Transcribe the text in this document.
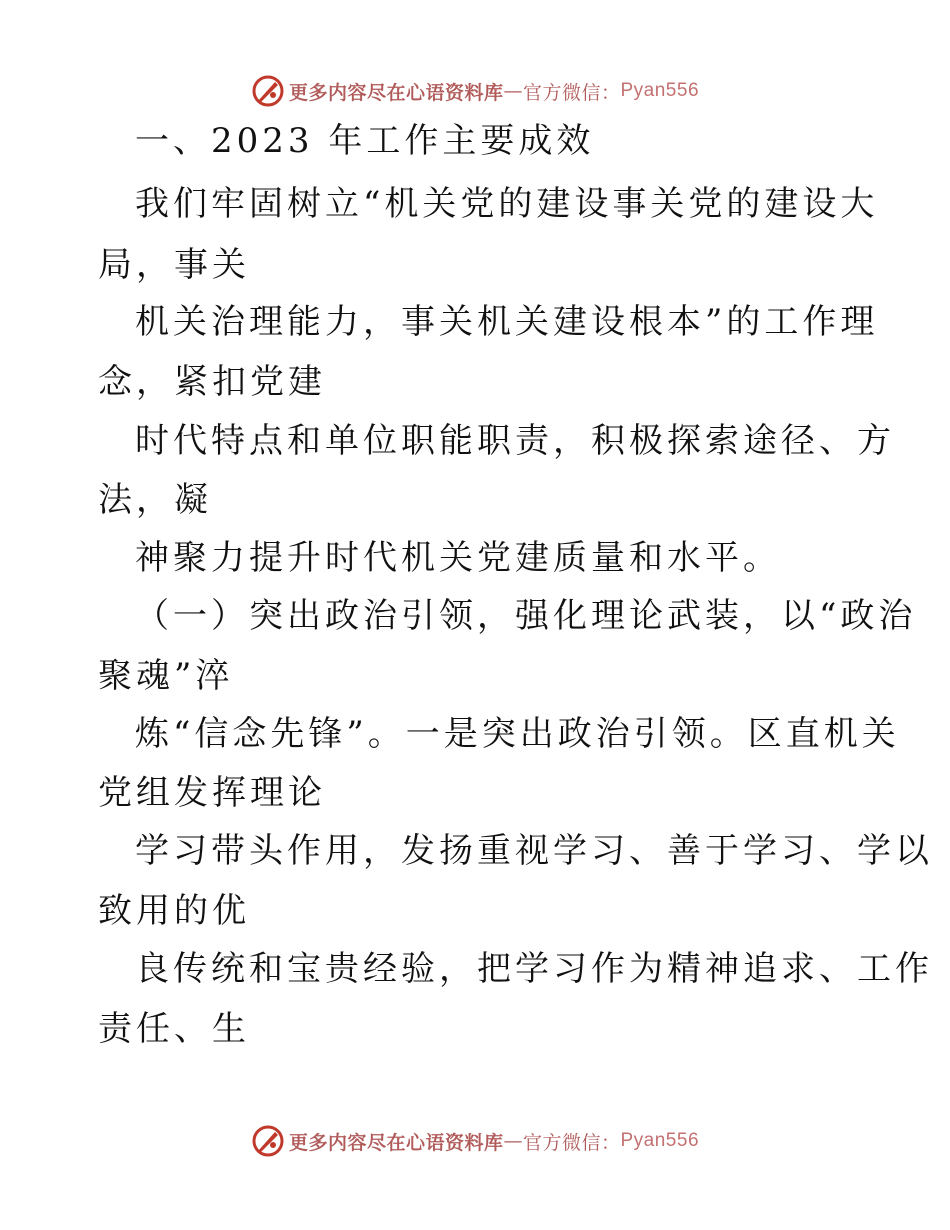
更多内容尽在心语资料库 — 官方微信： Pyan556
一、2023 年工作主要成效
我们牢固树立“机关党的建设事关党的建设大
局，事关
机关治理能力，事关机关建设根本”的工作理
念，紧扣党建
时代特点和单位职能职责，积极探索途径、方
法，凝
神聚力提升时代机关党建质量和水平。
（一）突出政治引领，强化理论武装，以“政治
聚魂”淬
炼“信念先锋”。一是突出政治引领。区直机关
党组发挥理论
学习带头作用，发扬重视学习、善于学习、学以
致用的优
良传统和宝贵经验，把学习作为精神追求、工作
责任、生
更多内容尽在心语资料库 — 官方微信： Pyan556
